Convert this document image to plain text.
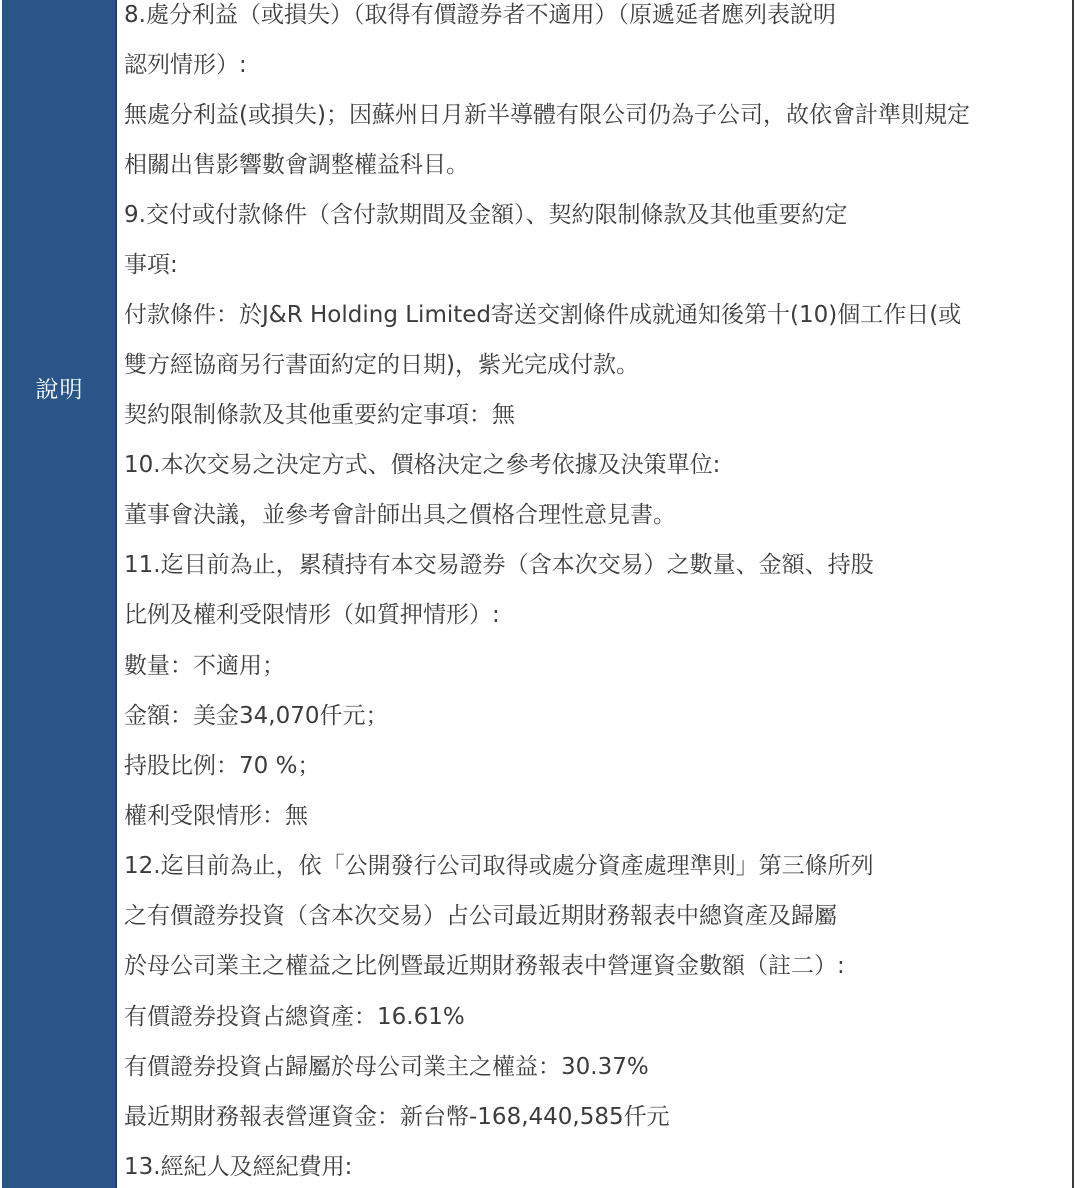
說明
8.處分利益（或損失）（取得有價證券者不適用）（原遞延者應列表說明
認列情形）:
無處分利益(或損失)；因蘇州日月新半導體有限公司仍為子公司，故依會計準則規定
相關出售影響數會調整權益科目。
9.交付或付款條件（含付款期間及金額）、契約限制條款及其他重要約定
事項:
付款條件：於J&R Holding Limited寄送交割條件成就通知後第十(10)個工作日(或
雙方經協商另行書面約定的日期)，紫光完成付款。
契約限制條款及其他重要約定事項：無
10.本次交易之決定方式、價格決定之參考依據及決策單位:
董事會決議，並參考會計師出具之價格合理性意見書。
11.迄目前為止，累積持有本交易證券（含本次交易）之數量、金額、持股
比例及權利受限情形（如質押情形）:
數量：不適用；
金額：美金34,070仟元；
持股比例：70 %；
權利受限情形：無
12.迄目前為止，依「公開發行公司取得或處分資產處理準則」第三條所列
之有價證券投資（含本次交易）占公司最近期財務報表中總資產及歸屬
於母公司業主之權益之比例暨最近期財務報表中營運資金數額（註二）:
有價證券投資占總資產：16.61%
有價證券投資占歸屬於母公司業主之權益：30.37%
最近期財務報表營運資金：新台幣-168,440,585仟元
13.經紀人及經紀費用:
